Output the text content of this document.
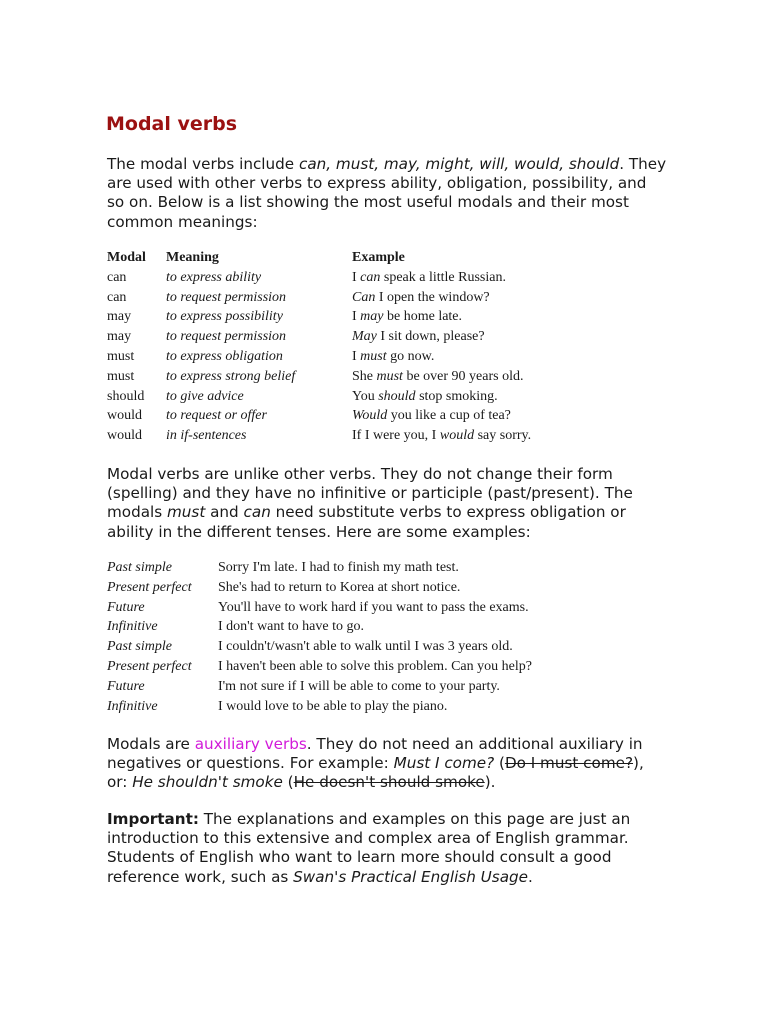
Modal verbs

The modal verbs include can, must, may, might, will, would, should. They are used with other verbs to express ability, obligation, possibility, and so on. Below is a list showing the most useful modals and their most common meanings:

Modal	Meaning	Example
can	to express ability	I can speak a little Russian.
can	to request permission	Can I open the window?
may	to express possibility	I may be home late.
may	to request permission	May I sit down, please?
must	to express obligation	I must go now.
must	to express strong belief	She must be over 90 years old.
should	to give advice	You should stop smoking.
would	to request or offer	Would you like a cup of tea?
would	in if-sentences	If I were you, I would say sorry.

Modal verbs are unlike other verbs. They do not change their form (spelling) and they have no infinitive or participle (past/present). The modals must and can need substitute verbs to express obligation or ability in the different tenses. Here are some examples:

Past simple	Sorry I'm late. I had to finish my math test.
Present perfect	She's had to return to Korea at short notice.
Future	You'll have to work hard if you want to pass the exams.
Infinitive	I don't want to have to go.
Past simple	I couldn't/wasn't able to walk until I was 3 years old.
Present perfect	I haven't been able to solve this problem. Can you help?
Future	I'm not sure if I will be able to come to your party.
Infinitive	I would love to be able to play the piano.

Modals are auxiliary verbs. They do not need an additional auxiliary in negatives or questions. For example: Must I come? (Do I must come?), or: He shouldn't smoke (He doesn't should smoke).

Important: The explanations and examples on this page are just an introduction to this extensive and complex area of English grammar. Students of English who want to learn more should consult a good reference work, such as Swan's Practical English Usage.
